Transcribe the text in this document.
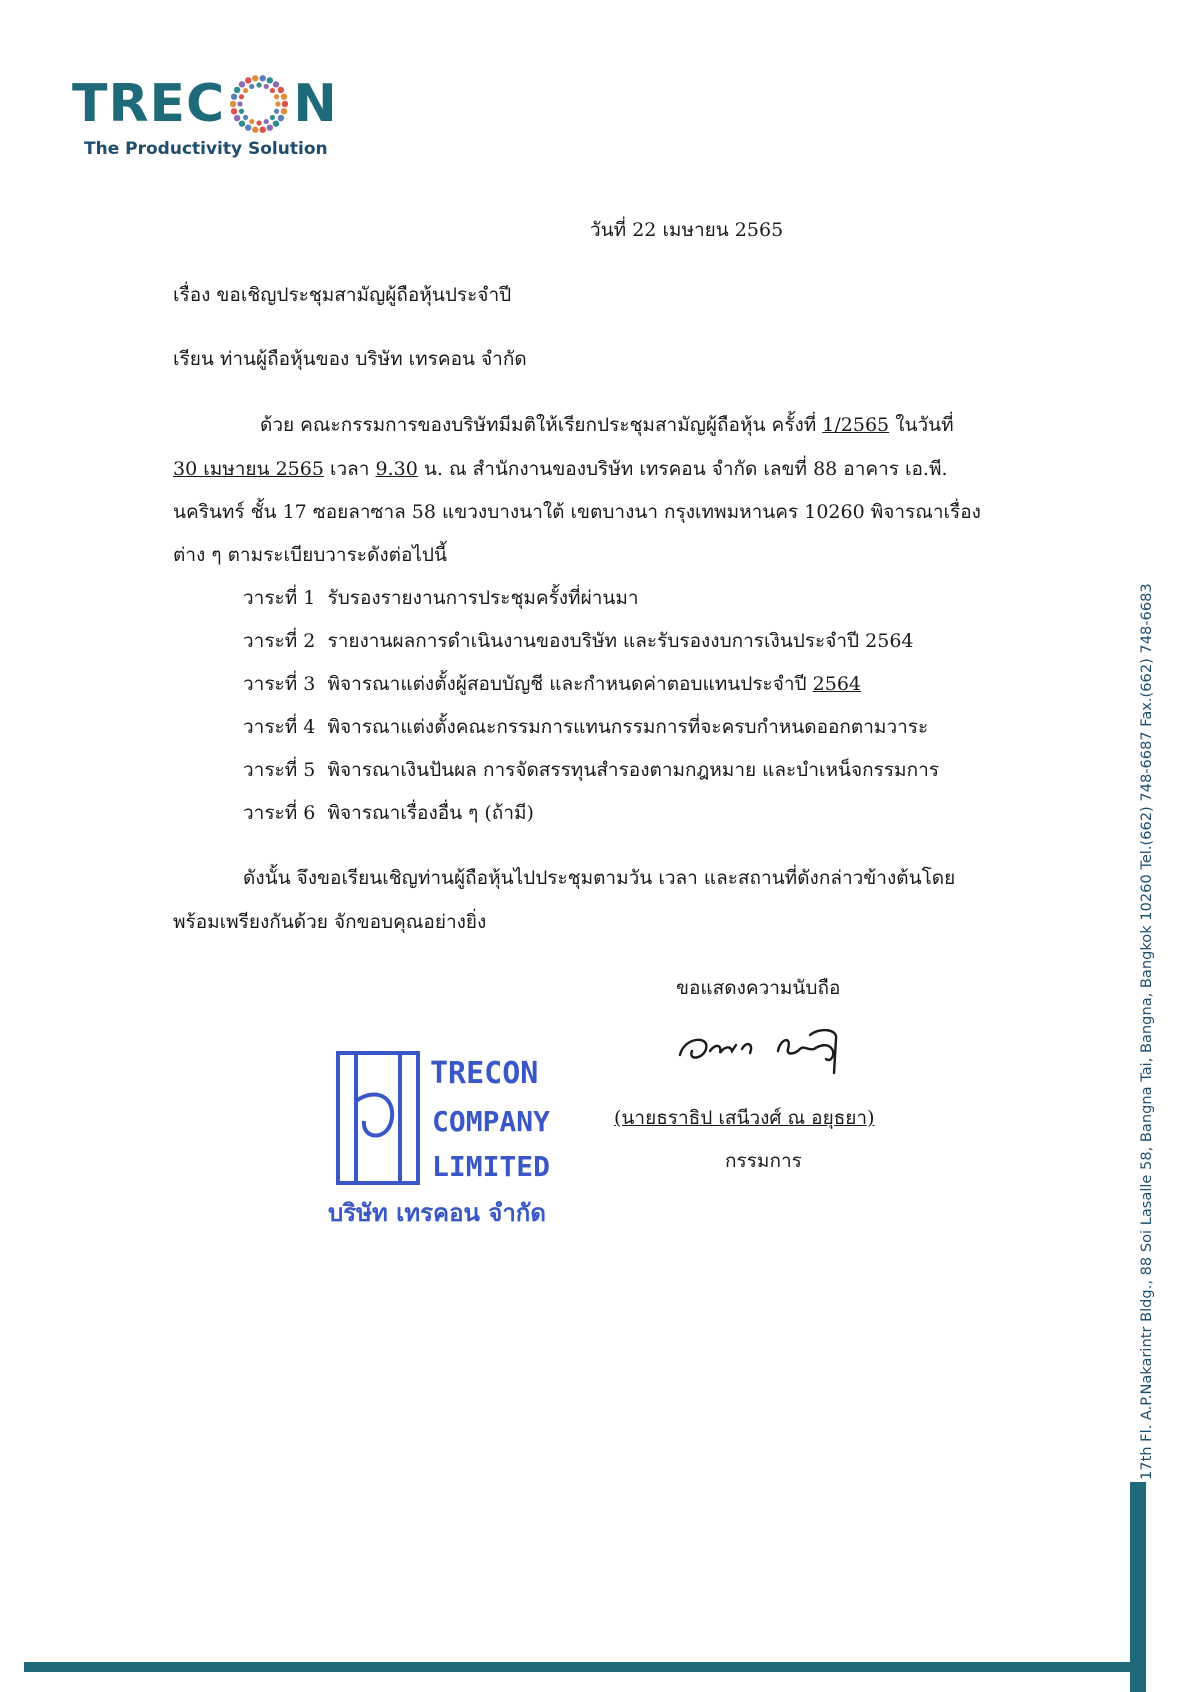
TREC N
The Productivity Solution
วันที่ 22 เมษายน 2565
เรื่อง ขอเชิญประชุมสามัญผู้ถือหุ้นประจำปี
เรียน ท่านผู้ถือหุ้นของ บริษัท เทรคอน จำกัด
ด้วย คณะกรรมการของบริษัทมีมติให้เรียกประชุมสามัญผู้ถือหุ้น ครั้งที่ 1/2565 ในวันที่
30 เมษายน 2565 เวลา 9.30 น. ณ สำนักงานของบริษัท เทรคอน จำกัด เลขที่ 88 อาคาร เอ.พี.
นครินทร์ ชั้น 17 ซอยลาซาล 58 แขวงบางนาใต้ เขตบางนา กรุงเทพมหานคร 10260 พิจารณาเรื่อง
ต่าง ๆ ตามระเบียบวาระดังต่อไปนี้
วาระที่ 1 รับรองรายงานการประชุมครั้งที่ผ่านมา
วาระที่ 2 รายงานผลการดำเนินงานของบริษัท และรับรองงบการเงินประจำปี 2564
วาระที่ 3 พิจารณาแต่งตั้งผู้สอบบัญชี และกำหนดค่าตอบแทนประจำปี 2564
วาระที่ 4 พิจารณาแต่งตั้งคณะกรรมการแทนกรรมการที่จะครบกำหนดออกตามวาระ
วาระที่ 5 พิจารณาเงินปันผล การจัดสรรทุนสำรองตามกฎหมาย และบำเหน็จกรรมการ
วาระที่ 6 พิจารณาเรื่องอื่น ๆ (ถ้ามี)
ดังนั้น จึงขอเรียนเชิญท่านผู้ถือหุ้นไปประชุมตามวัน เวลา และสถานที่ดังกล่าวข้างต้นโดย
พร้อมเพรียงกันด้วย จักขอบคุณอย่างยิ่ง
ขอแสดงความนับถือ
(นายธราธิป เสนีวงศ์ ณ อยุธยา)
กรรมการ
TRECON
COMPANY
LIMITED
บริษัท เทรคอน จำกัด	17th Fl. A.P.Nakarintr Bldg., 88 Soi Lasalle 58, Bangna Tai, Bangna, Bangkok 10260 Tel.(662) 748-6687 Fax.(662) 748-6683
